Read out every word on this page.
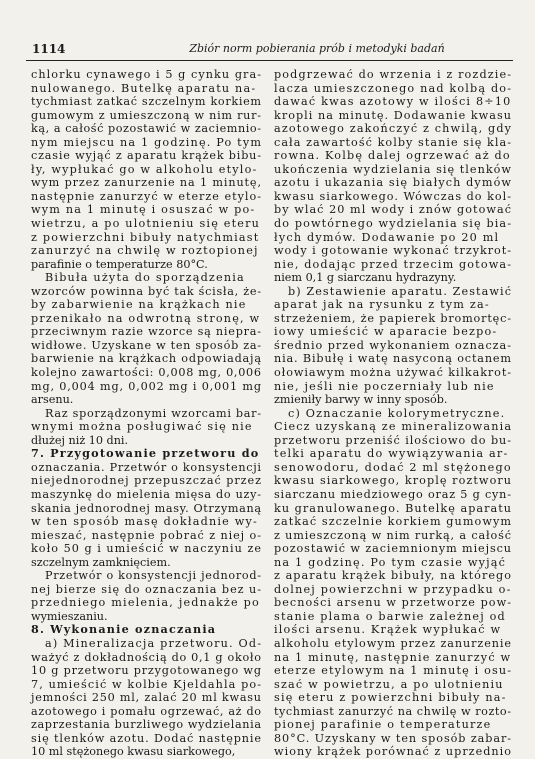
1114	Zbiór norm pobierania prób i metodyki badań
chlorku cynawego i 5 g cynku gra-
nulowanego. Butelkę aparatu na-
tychmiast zatkać szczelnym korkiem
gumowym z umieszczoną w nim rur-
ką, a całość pozostawić w zaciemnio-
nym miejscu na 1 godzinę. Po tym
czasie wyjąć z aparatu krążek bibu-
ły, wypłukać go w alkoholu etylo-
wym przez zanurzenie na 1 minutę,
następnie zanurzyć w eterze etylo-
wym na 1 minutę i osuszać w po-
wietrzu, a po ulotnieniu się eteru
z powierzchni bibuły natychmiast
zanurzyć na chwilę w roztopionej
parafinie o temperaturze 80°C.
Bibuła użyta do sporządzenia
wzorców powinna być tak ścisła, że-
by zabarwienie na krążkach nie
przenikało na odwrotną stronę, w
przeciwnym razie wzorce są niepra-
widłowe. Uzyskane w ten sposób za-
barwienie na krążkach odpowiadają
kolejno zawartości: 0,008 mg, 0,006
mg, 0,004 mg, 0,002 mg i 0,001 mg
arsenu.
Raz sporządzonymi wzorcami bar-
wnymi można posługiwać się nie
dłużej niż 10 dni.
7. Przygotowanie przetworu do
oznaczania. Przetwór o konsystencji
niejednorodnej przepuszczać przez
maszynkę do mielenia mięsa do uzy-
skania jednorodnej masy. Otrzymaną
w ten sposób masę dokładnie wy-
mieszać, następnie pobrać z niej o-
koło 50 g i umieścić w naczyniu ze
szczelnym zamknięciem.
Przetwór o konsystencji jednorod-
nej bierze się do oznaczania bez u-
przedniego mielenia, jednakże po
wymieszaniu.
8. Wykonanie oznaczania
a) Mineralizacja przetworu. Od-
ważyć z dokładnością do 0,1 g około
10 g przetworu przygotowanego wg
7, umieścić w kolbie Kjeldahla po-
jemności 250 ml, zalać 20 ml kwasu
azotowego i pomału ogrzewać, aż do
zaprzestania burzliwego wydzielania
się tlenków azotu. Dodać następnie
10 ml stężonego kwasu siarkowego,
podgrzewać do wrzenia i z rozdzie-
lacza umieszczonego nad kolbą do-
dawać kwas azotowy w ilości 8÷10
kropli na minutę. Dodawanie kwasu
azotowego zakończyć z chwilą, gdy
cała zawartość kolby stanie się kla-
rowna. Kolbę dalej ogrzewać aż do
ukończenia wydzielania się tlenków
azotu i ukazania się białych dymów
kwasu siarkowego. Wówczas do kol-
by wlać 20 ml wody i znów gotować
do powtórnego wydzielania się bia-
łych dymów. Dodawanie po 20 ml
wody i gotowanie wykonać trzykrot-
nie, dodając przed trzecim gotowa-
niem 0,1 g siarczanu hydrazyny.
b) Zestawienie aparatu. Zestawić
aparat jak na rysunku z tym za-
strzeżeniem, że papierek bromortęc-
iowy umieścić w aparacie bezpo-
średnio przed wykonaniem oznacza-
nia. Bibułę i watę nasyconą octanem
ołowiawym można używać kilkakrot-
nie, jeśli nie poczerniały lub nie
zmieniły barwy w inny sposób.
c) Oznaczanie kolorymetryczne.
Ciecz uzyskaną ze mineralizowania
przetworu przeniść ilościowo do bu-
telki aparatu do wywiązywania ar-
senowodoru, dodać 2 ml stężonego
kwasu siarkowego, kroplę roztworu
siarczanu miedziowego oraz 5 g cyn-
ku granulowanego. Butelkę aparatu
zatkać szczelnie korkiem gumowym
z umieszczoną w nim rurką, a całość
pozostawić w zaciemnionym miejscu
na 1 godzinę. Po tym czasie wyjąć
z aparatu krążek bibuły, na którego
dolnej powierzchni w przypadku o-
becności arsenu w przetworze pow-
stanie plama o barwie zależnej od
ilości arsenu. Krążek wypłukać w
alkoholu etylowym przez zanurzenie
na 1 minutę, następnie zanurzyć w
eterze etylowym na 1 minutę i osu-
szać w powietrzu, a po ulotnieniu
się eteru z powierzchni bibuły na-
tychmiast zanurzyć na chwilę w rozto-
pionej parafinie o temperaturze
80°C. Uzyskany w ten sposób zabar-
wiony krążek porównać z uprzednio
